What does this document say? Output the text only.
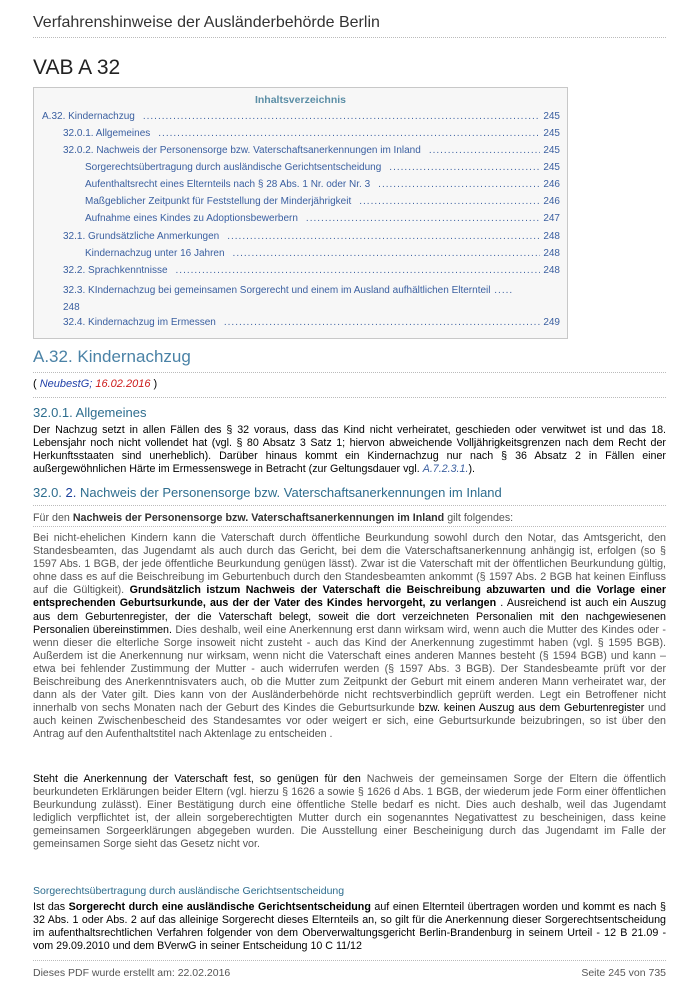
Verfahrenshinweise der Ausländerbehörde Berlin
VAB A 32
Inhaltsverzeichnis
A.32. Kindernachzug .....	245
32.0.1. Allgemeines .....	245
32.0.2. Nachweis der Personensorge bzw. Vaterschaftsanerkennungen im Inland .....	245
Sorgerechtsübertragung durch ausländische Gerichtsentscheidung .....	245
Aufenthaltsrecht eines Elternteils nach § 28 Abs. 1 Nr. oder Nr. 3 .....	246
Maßgeblicher Zeitpunkt für Feststellung der Minderjährigkeit .....	246
Aufnahme eines Kindes zu Adoptionsbewerbern .....	247
32.1. Grundsätzliche Anmerkungen .....	248
Kindernachzug unter 16 Jahren .....	248
32.2. Sprachkenntnisse .....	248
32.3. KIndernachzug bei gemeinsamen Sorgerecht und einem im Ausland aufhältlichen Elternteil .....
248
32.4. Kindernachzug im Ermessen .....	249
A.32. Kindernachzug
( NeubestG; 16.02.2016 )
32.0.1. Allgemeines
Der Nachzug setzt in allen Fällen des § 32 voraus, dass das Kind nicht verheiratet, geschieden oder verwitwet ist und das 18. Lebensjahr noch nicht vollendet hat (vgl. § 80 Absatz 3 Satz 1; hiervon abweichende Volljährigkeitsgrenzen nach dem Recht der Herkunftsstaaten sind unerheblich). Darüber hinaus kommt ein Kindernachzug nur nach § 36 Absatz 2 in Fällen einer außergewöhnlichen Härte im Ermessenswege in Betracht (zur Geltungsdauer vgl. A.7.2.3.1.).
32.0. 2. Nachweis der Personensorge bzw. Vaterschaftsanerkennungen im Inland
Für den Nachweis der Personensorge bzw. Vaterschaftsanerkennungen im Inland gilt folgendes:
Bei nicht-ehelichen Kindern kann die Vaterschaft durch öffentliche Beurkundung sowohl durch den Notar, das Amtsgericht, den Standesbeamten, das Jugendamt als auch durch das Gericht, bei dem die Vaterschaftsanerkennung anhängig ist, erfolgen (so § 1597 Abs. 1 BGB, der jede öffentliche Beurkundung genügen lässt). Zwar ist die Vaterschaft mit der öffentlichen Beurkundung gültig, ohne dass es auf die Beischreibung im Geburtenbuch durch den Standesbeamten ankommt (§ 1597 Abs. 2 BGB hat keinen Einfluss auf die Gültigkeit). Grundsätzlich istzum Nachweis der Vaterschaft die Beischreibung abzuwarten und die Vorlage einer entsprechenden Geburtsurkunde, aus der der Vater des Kindes hervorgeht, zu verlangen . Ausreichend ist auch ein Auszug aus dem Geburtenregister, der die Vaterschaft belegt, soweit die dort verzeichneten Personalien mit den nachgewiesenen Personalien übereinstimmen. Dies deshalb, weil eine Anerkennung erst dann wirksam wird, wenn auch die Mutter des Kindes oder - wenn dieser die elterliche Sorge insoweit nicht zusteht - auch das Kind der Anerkennung zugestimmt haben (vgl. § 1595 BGB). Außerdem ist die Anerkennung nur wirksam, wenn nicht die Vaterschaft eines anderen Mannes besteht (§ 1594 BGB) und kann – etwa bei fehlender Zustimmung der Mutter - auch widerrufen werden (§ 1597 Abs. 3 BGB). Der Standesbeamte prüft vor der Beischreibung des Anerkenntnisvaters auch, ob die Mutter zum Zeitpunkt der Geburt mit einem anderen Mann verheiratet war, der dann als der Vater gilt. Dies kann von der Ausländerbehörde nicht rechtsverbindlich geprüft werden. Legt ein Betroffener nicht innerhalb von sechs Monaten nach der Geburt des Kindes die Geburtsurkunde bzw. keinen Auszug aus dem Geburtenregister und auch keinen Zwischenbescheid des Standesamtes vor oder weigert er sich, eine Geburtsurkunde beizubringen, so ist über den Antrag auf den Aufenthaltstitel nach Aktenlage zu entscheiden .
Steht die Anerkennung der Vaterschaft fest, so genügen für den Nachweis der gemeinsamen Sorge der Eltern die öffentlich beurkundeten Erklärungen beider Eltern (vgl. hierzu § 1626 a sowie § 1626 d Abs. 1 BGB, der wiederum jede Form einer öffentlichen Beurkundung zulässt). Einer Bestätigung durch eine öffentliche Stelle bedarf es nicht. Dies auch deshalb, weil das Jugendamt lediglich verpflichtet ist, der allein sorgeberechtigten Mutter durch ein sogenanntes Negativattest zu bescheinigen, dass keine gemeinsamen Sorgeerklärungen abgegeben wurden. Die Ausstellung einer Bescheinigung durch das Jugendamt im Falle der gemeinsamen Sorge sieht das Gesetz nicht vor.
Sorgerechtsübertragung durch ausländische Gerichtsentscheidung
Ist das Sorgerecht durch eine ausländische Gerichtsentscheidung auf einen Elternteil übertragen worden und kommt es nach § 32 Abs. 1 oder Abs. 2 auf das alleinige Sorgerecht dieses Elternteils an, so gilt für die Anerkennung dieser Sorgerechtsentscheidung im aufenthaltsrechtlichen Verfahren folgender von dem Oberverwaltungsgericht Berlin-Brandenburg in seinem Urteil - 12 B 21.09 - vom 29.09.2010 und dem BVerwG in seiner Entscheidung 10 C 11/12
Dieses PDF wurde erstellt am: 22.02.2016	Seite 245 von 735
